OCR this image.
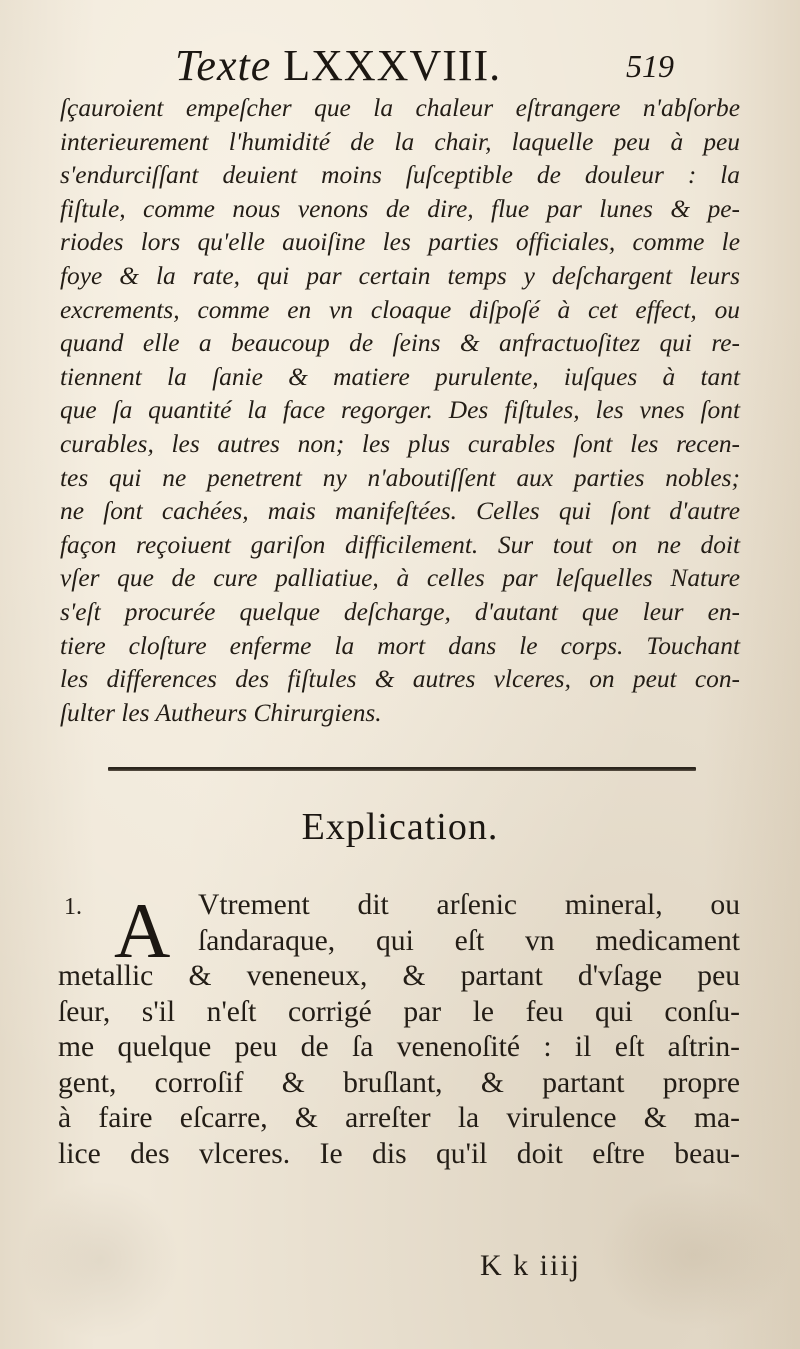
Texte LXXXVIII.	519
ſçauroient empeſcher que la chaleur eſtrangere n'abſorbe
interieurement l'humidité de la chair, laquelle peu à peu
s'endurciſſant deuient moins ſuſceptible de douleur : la
fiſtule, comme nous venons de dire, flue par lunes & pe-
riodes lors qu'elle auoiſine les parties officiales, comme le
foye & la rate, qui par certain temps y deſchargent leurs
excrements, comme en vn cloaque diſpoſé à cet effect, ou
quand elle a beaucoup de ſeins & anfractuoſitez qui re-
tiennent la ſanie & matiere purulente, iuſques à tant
que ſa quantité la face regorger. Des fiſtules, les vnes ſont
curables, les autres non; les plus curables ſont les recen-
tes qui ne penetrent ny n'aboutiſſent aux parties nobles;
ne ſont cachées, mais manifeſtées. Celles qui ſont d'autre
façon reçoiuent gariſon difficilement. Sur tout on ne doit
vſer que de cure palliatiue, à celles par leſquelles Nature
s'eſt procurée quelque deſcharge, d'autant que leur en-
tiere cloſture enferme la mort dans le corps. Touchant
les differences des fiſtules & autres vlceres, on peut con-
ſulter les Autheurs Chirurgiens.
Explication.
1. A Vtrement dit arſenic mineral, ou
ſandaraque, qui eſt vn medicament
metallic & veneneux, & partant d'vſage peu
ſeur, s'il n'eſt corrigé par le feu qui conſu-
me quelque peu de ſa venenoſité : il eſt aſtrin-
gent, corroſif & bruſlant, & partant propre
à faire eſcarre, & arreſter la virulence & ma-
lice des vlceres. Ie dis qu'il doit eſtre beau-
K k iiij
